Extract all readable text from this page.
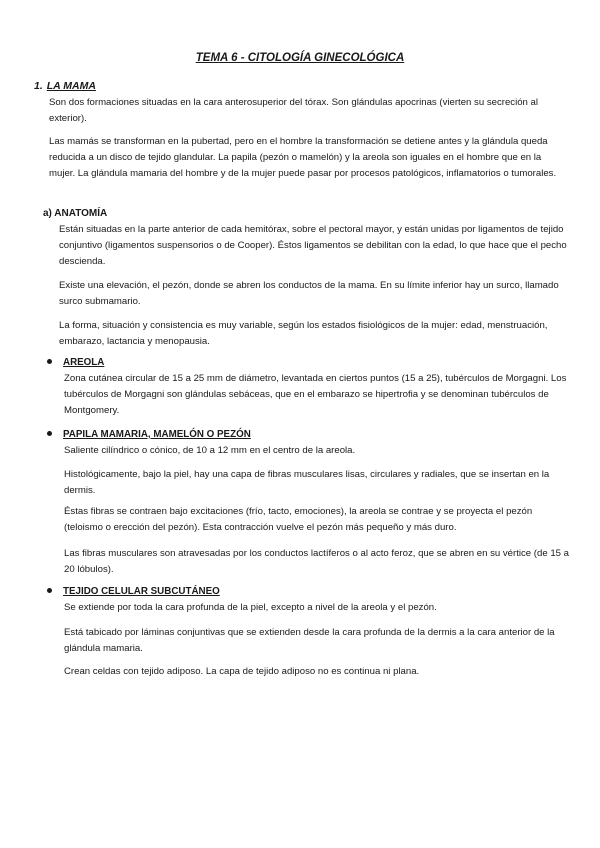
TEMA 6 - CITOLOGÍA GINECOLÓGICA
1. LA MAMA

Son dos formaciones situadas en la cara anterosuperior del tórax. Son glándulas apocrinas (vierten su secreción al exterior).

Las mamás se transforman en la pubertad, pero en el hombre la transformación se detiene antes y la glándula queda reducida a un disco de tejido glandular. La papila (pezón o mamelón) y la areola son iguales en el hombre que en la mujer. La glándula mamaria del hombre y de la mujer puede pasar por procesos patológicos, inflamatorios o tumorales.

a) ANATOMÍA

Están situadas en la parte anterior de cada hemitórax, sobre el pectoral mayor, y están unidas por ligamentos de tejido conjuntivo (ligamentos suspensorios o de Cooper). Éstos ligamentos se debilitan con la edad, lo que hace que el pecho descienda.

Existe una elevación, el pezón, donde se abren los conductos de la mama. En su límite inferior hay un surco, llamado surco submamario.

La forma, situación y consistencia es muy variable, según los estados fisiológicos de la mujer: edad, menstruación, embarazo, lactancia y menopausia.

AREOLA

Zona cutánea circular de 15 a 25 mm de diámetro, levantada en ciertos puntos (15 a 25), tubérculos de Morgagni. Los tubérculos de Morgagni son glándulas sebáceas, que en el embarazo se hipertrofia y se denominan tubérculos de Montgomery.

PAPILA MAMARIA, MAMELÓN O PEZÓN

Saliente cilíndrico o cónico, de 10 a 12 mm en el centro de la areola.

Histológicamente, bajo la piel, hay una capa de fibras musculares lisas, circulares y radiales, que se insertan en la dermis.

Éstas fibras se contraen bajo excitaciones (frío, tacto, emociones), la areola se contrae y se proyecta el pezón (teloismo o erección del pezón). Esta contracción vuelve el pezón más pequeño y más duro.

Las fibras musculares son atravesadas por los conductos lactíferos o al acto feroz, que se abren en su vértice (de 15 a 20 lóbulos).

TEJIDO CELULAR SUBCUTÁNEO

Se extiende por toda la cara profunda de la piel, excepto a nivel de la areola y el pezón.

Está tabicado por láminas conjuntivas que se extienden desde la cara profunda de la dermis a la cara anterior de la glándula mamaria.

Crean celdas con tejido adiposo. La capa de tejido adiposo no es continua ni plana.
